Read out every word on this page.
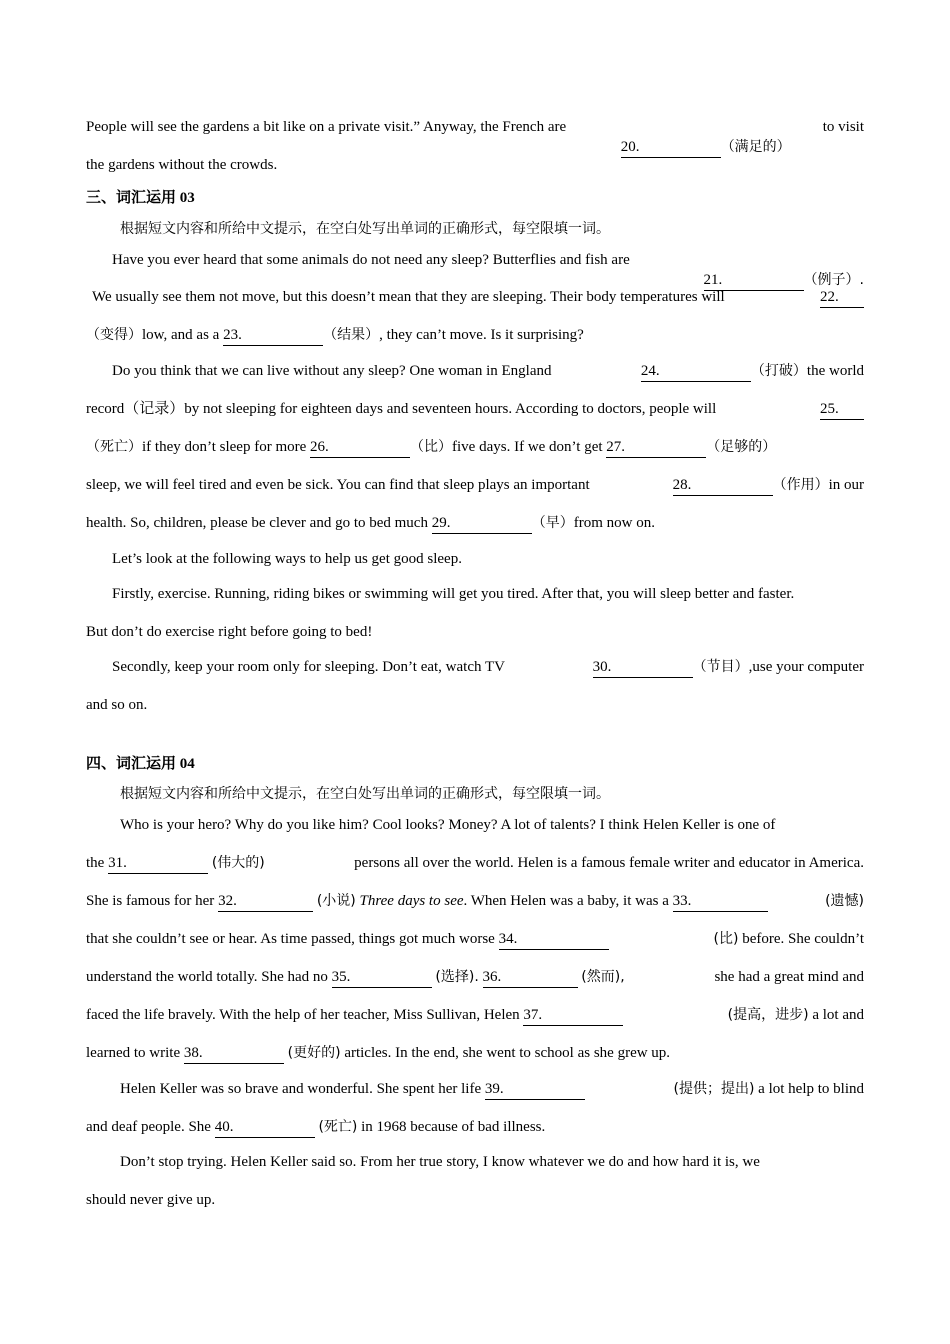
People will see the gardens a bit like on a private visit.” Anyway, the French are

20.	（满足的）

to visit
the gardens without the crowds.
三、词汇运用 03
根据短文内容和所给中文提示，在空白处写出单词的正确形式，每空限填一词。
Have you ever heard that some animals do not need any sleep? Butterflies and fish are

21.	（例子）.

We usually see them not move, but this doesn’t mean that they are sleeping. Their body temperatures will	22.
（变得）low, and as a 23.	（结果）, they can’t move. Is it surprising?
Do you think that we can live without any sleep? One woman in England	24.	（打破）the world
record（记录）by not sleeping for eighteen days and seventeen hours. According to doctors, people will	25.
（死亡）if they don’t sleep for more 26.	（比）five days. If we don’t get 27.	（足够的）
sleep, we will feel tired and even be sick. You can find that sleep plays an important	28.	（作用）in our
health. So, children, please be clever and go to bed much 29.	（早）from now on.
Let’s look at the following ways to help us get good sleep.
Firstly, exercise. Running, riding bikes or swimming will get you tired. After that, you will sleep better and faster.
But don’t do exercise right before going to bed!
Secondly, keep your room only for sleeping. Don’t eat, watch TV	30.	（节目）,use your computer
and so on.
四、词汇运用 04
根据短文内容和所给中文提示，在空白处写出单词的正确形式，每空限填一词。
Who is your hero? Why do you like him? Cool looks? Money? A lot of talents? I think Helen Keller is one of
the 31.	(伟大的)	persons all over the world. Helen is a famous female writer and educator in America.
She is famous for her 32.	(小说) Three days to see. When Helen was a baby, it was a 33.	(遗憾)
that she couldn’t see or hear. As time passed, things got much worse 34.	(比) before. She couldn’t
understand the world totally. She had no 35.	(选择). 36.	(然而),	she had a great mind and
faced the life bravely. With the help of her teacher, Miss Sullivan, Helen 37.	(提高，进步) a lot and
learned to write 38.	(更好的) articles. In the end, she went to school as she grew up.
Helen Keller was so brave and wonderful. She spent her life 39.	(提供；提出) a lot help to blind
and deaf people. She 40.	(死亡) in 1968 because of bad illness.
Don’t stop trying. Helen Keller said so. From her true story, I know whatever we do and how hard it is, we
should never give up.
